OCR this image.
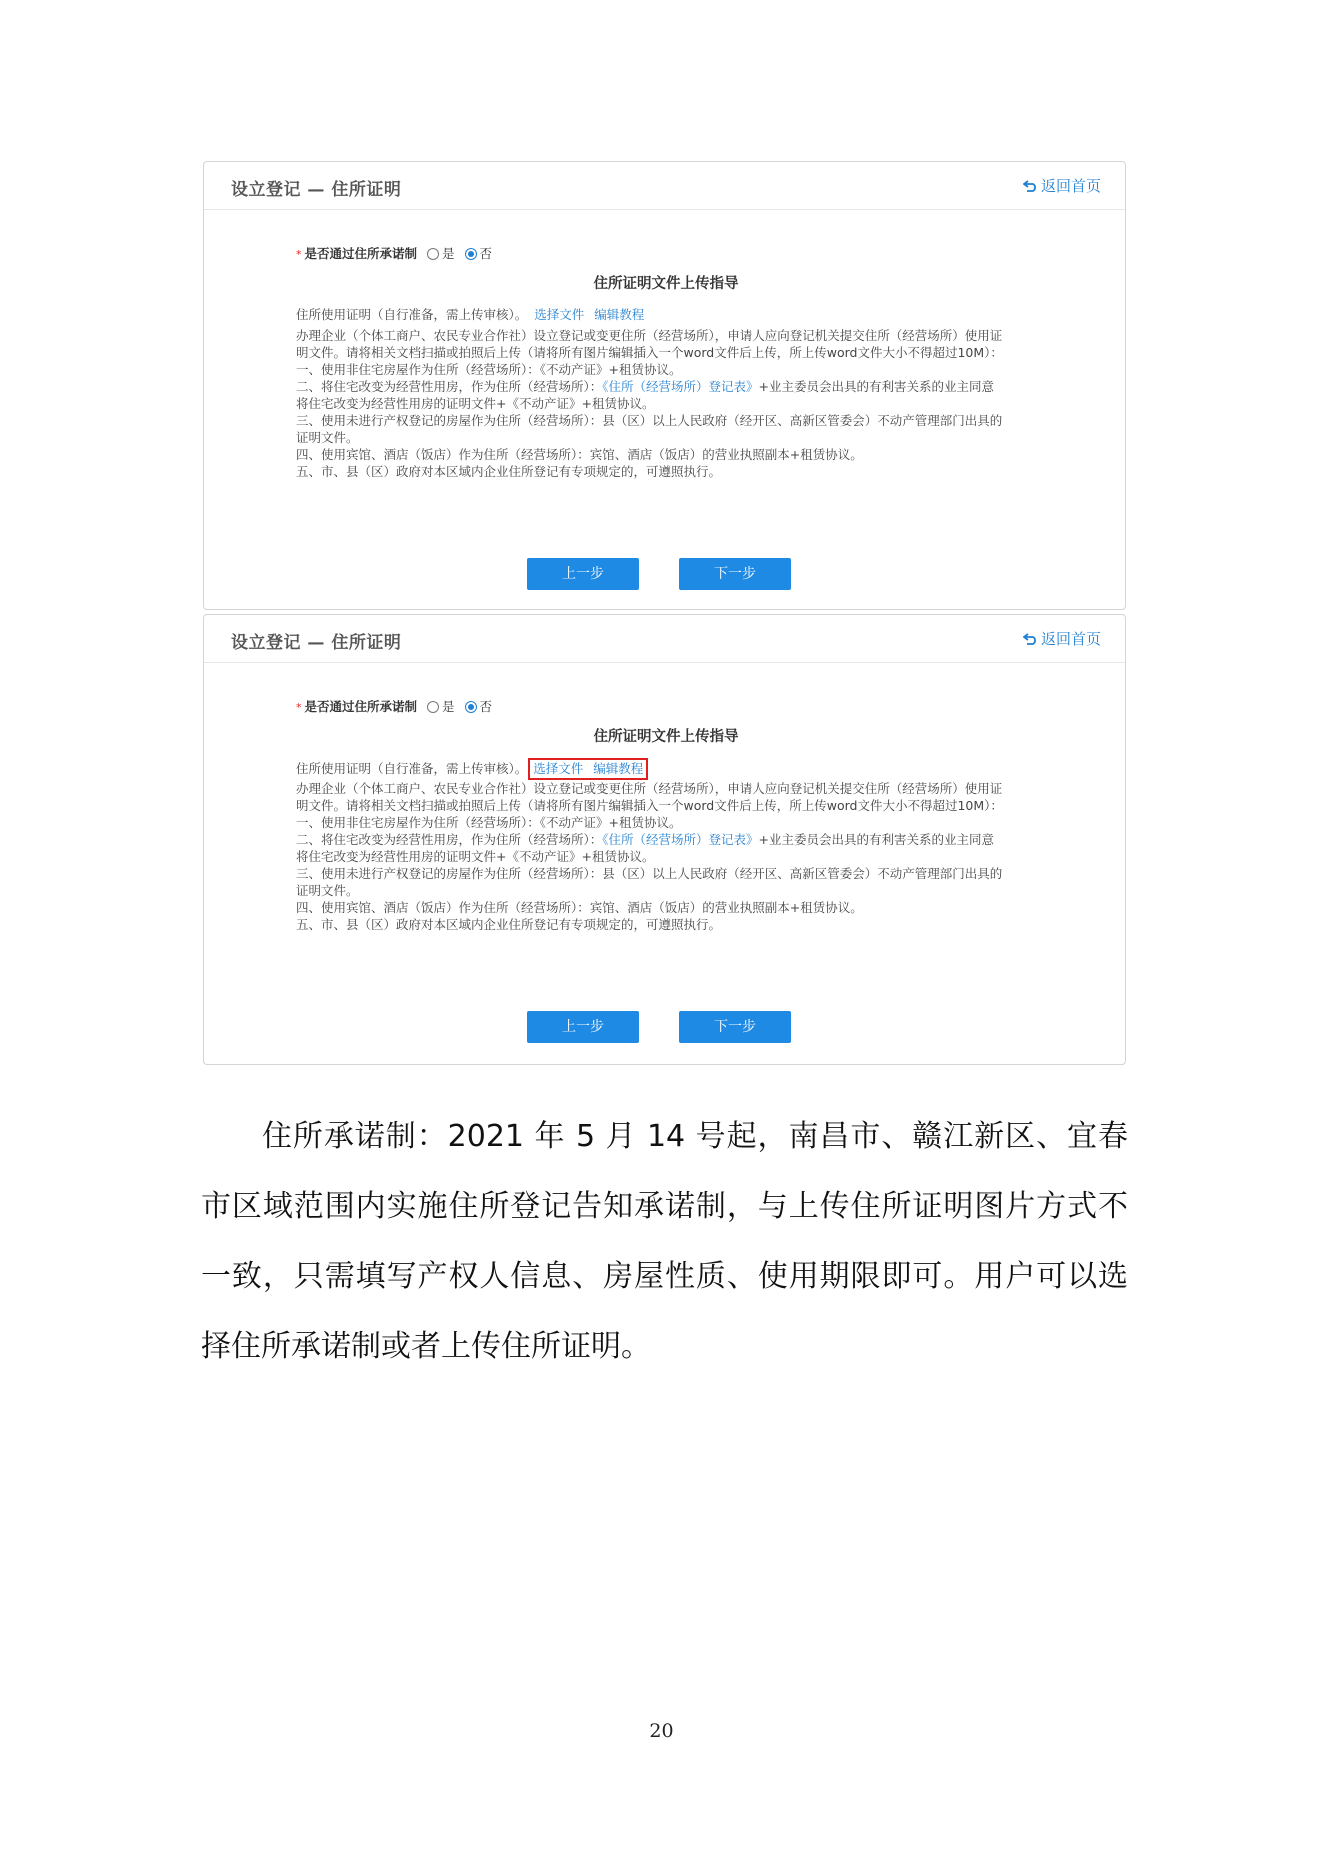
设立登记 — 住所证明	返回首页
* 是否通过住所承诺制 是 否
住所证明文件上传指导
住所使用证明（自行准备，需上传审核）。 选择文件 编辑教程
办理企业（个体工商户、农民专业合作社）设立登记或变更住所（经营场所），申请人应向登记机关提交住所（经营场所）使用证
明文件。请将相关文档扫描或拍照后上传（请将所有图片编辑插入一个word文件后上传，所上传word文件大小不得超过10M）：
一、使用非住宅房屋作为住所（经营场所）：《不动产证》+租赁协议。
二、将住宅改变为经营性用房，作为住所（经营场所）：《住所（经营场所）登记表》+业主委员会出具的有利害关系的业主同意
将住宅改变为经营性用房的证明文件+《不动产证》+租赁协议。
三、使用未进行产权登记的房屋作为住所（经营场所）：县（区）以上人民政府（经开区、高新区管委会）不动产管理部门出具的
证明文件。
四、使用宾馆、酒店（饭店）作为住所（经营场所）：宾馆、酒店（饭店）的营业执照副本+租赁协议。
五、市、县（区）政府对本区域内企业住所登记有专项规定的，可遵照执行。
上一步	下一步
设立登记 — 住所证明	返回首页
* 是否通过住所承诺制 是 否
住所证明文件上传指导
住所使用证明（自行准备，需上传审核）。 选择文件 编辑教程
办理企业（个体工商户、农民专业合作社）设立登记或变更住所（经营场所），申请人应向登记机关提交住所（经营场所）使用证
明文件。请将相关文档扫描或拍照后上传（请将所有图片编辑插入一个word文件后上传，所上传word文件大小不得超过10M）：
一、使用非住宅房屋作为住所（经营场所）：《不动产证》+租赁协议。
二、将住宅改变为经营性用房，作为住所（经营场所）：《住所（经营场所）登记表》+业主委员会出具的有利害关系的业主同意
将住宅改变为经营性用房的证明文件+《不动产证》+租赁协议。
三、使用未进行产权登记的房屋作为住所（经营场所）：县（区）以上人民政府（经开区、高新区管委会）不动产管理部门出具的
证明文件。
四、使用宾馆、酒店（饭店）作为住所（经营场所）：宾馆、酒店（饭店）的营业执照副本+租赁协议。
五、市、县（区）政府对本区域内企业住所登记有专项规定的，可遵照执行。
上一步	下一步

住所承诺制：2021 年 5 月 14 号起，南昌市、赣江新区、宜春市区域范围内实施住所登记告知承诺制，与上传住所证明图片方式不一致，只需填写产权人信息、房屋性质、使用期限即可。用户可以选择住所承诺制或者上传住所证明。

20
